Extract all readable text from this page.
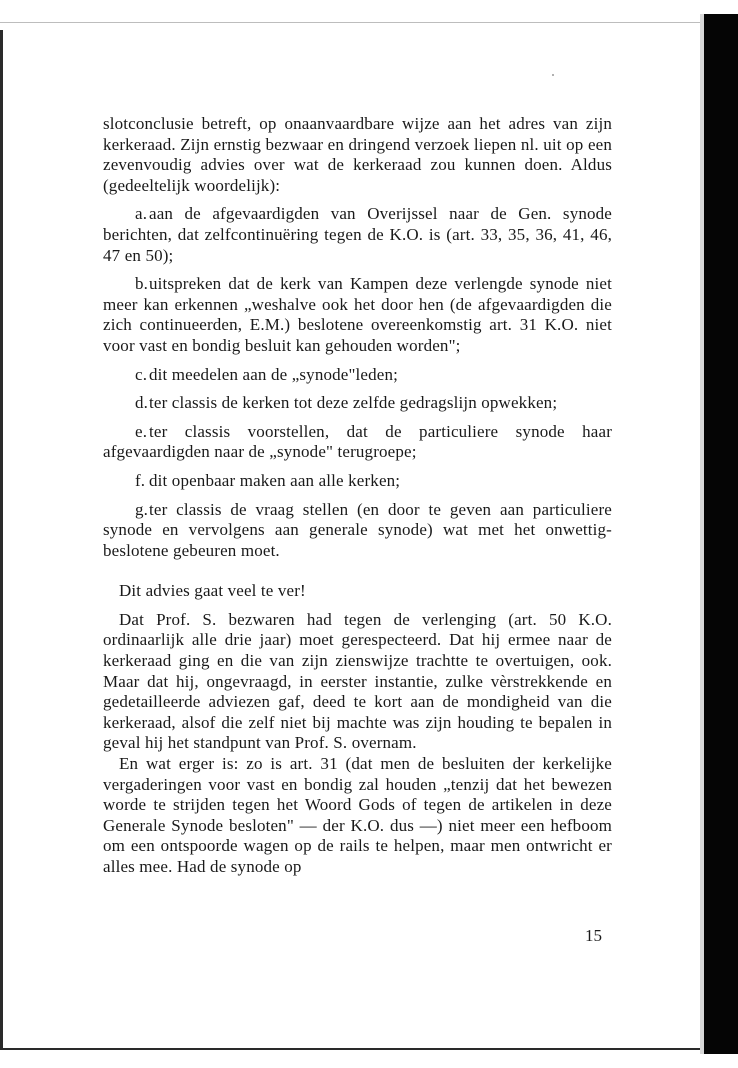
slotconclusie betreft, op onaanvaardbare wijze aan het adres van zijn kerkeraad. Zijn ernstig bezwaar en dringend verzoek liepen nl. uit op een zevenvoudig advies over wat de kerkeraad zou kunnen doen. Aldus (gedeeltelijk woordelijk):

a. aan de afgevaardigden van Overijssel naar de Gen. synode berichten, dat zelfcontinuëring tegen de K.O. is (art. 33, 35, 36, 41, 46, 47 en 50);

b.uitspreken dat de kerk van Kampen deze verlengde synode niet meer kan erkennen „weshalve ook het door hen (de afgevaardigden die zich continueerden, E.M.) beslotene overeenkomstig art. 31 K.O. niet voor vast en bondig besluit kan gehouden worden";

c. dit meedelen aan de „synode"leden;

d.ter classis de kerken tot deze zelfde gedragslijn opwekken;

e. ter classis voorstellen, dat de particuliere synode haar afgevaardigden naar de „synode" terugroepe;

f. dit openbaar maken aan alle kerken;

g.ter classis de vraag stellen (en door te geven aan particuliere synode en vervolgens aan generale synode) wat met het onwettig-beslotene gebeuren moet.

Dit advies gaat veel te ver!

Dat Prof. S. bezwaren had tegen de verlenging (art. 50 K.O. ordinaarlijk alle drie jaar) moet gerespecteerd. Dat hij ermee naar de kerkeraad ging en die van zijn zienswijze trachtte te overtuigen, ook. Maar dat hij, ongevraagd, in eerster instantie, zulke vèrstrekkende en gedetailleerde adviezen gaf, deed te kort aan de mondigheid van die kerkeraad, alsof die zelf niet bij machte was zijn houding te bepalen in geval hij het standpunt van Prof. S. overnam.

En wat erger is: zo is art. 31 (dat men de besluiten der kerkelijke vergaderingen voor vast en bondig zal houden „tenzij dat het bewezen worde te strijden tegen het Woord Gods of tegen de artikelen in deze Generale Synode besloten" — der K.O. dus —) niet meer een hefboom om een ontspoorde wagen op de rails te helpen, maar men ontwricht er alles mee. Had de synode op

15
